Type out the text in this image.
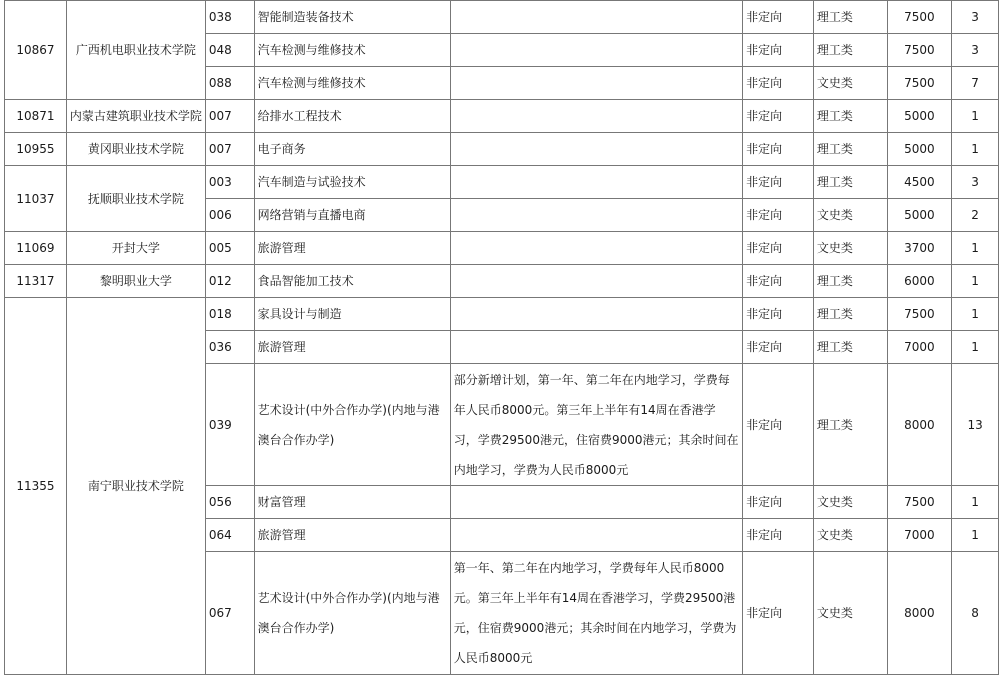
10867	广西机电职业技术学院	038	智能制造装备技术		非定向	理工类	7500	3
		048	汽车检测与维修技术		非定向	理工类	7500	3
		088	汽车检测与维修技术		非定向	文史类	7500	7
10871	内蒙古建筑职业技术学院	007	给排水工程技术		非定向	理工类	5000	1
10955	黄冈职业技术学院	007	电子商务		非定向	理工类	5000	1
11037	抚顺职业技术学院	003	汽车制造与试验技术		非定向	理工类	4500	3
		006	网络营销与直播电商		非定向	文史类	5000	2
11069	开封大学	005	旅游管理		非定向	文史类	3700	1
11317	黎明职业大学	012	食品智能加工技术		非定向	理工类	6000	1
11355	南宁职业技术学院	018	家具设计与制造		非定向	理工类	7500	1
		036	旅游管理		非定向	理工类	7000	1
		039	艺术设计(中外合作办学)(内地与港澳台合作办学)	部分新增计划，第一年、第二年在内地学习，学费每年人民币8000元。第三年上半年有14周在香港学习，学费29500港元，住宿费9000港元；其余时间在内地学习，学费为人民币8000元	非定向	理工类	8000	13
		056	财富管理		非定向	文史类	7500	1
		064	旅游管理		非定向	文史类	7000	1
		067	艺术设计(中外合作办学)(内地与港澳台合作办学)	第一年、第二年在内地学习，学费每年人民币8000元。第三年上半年有14周在香港学习，学费29500港元，住宿费9000港元；其余时间在内地学习，学费为人民币8000元	非定向	文史类	8000	8
